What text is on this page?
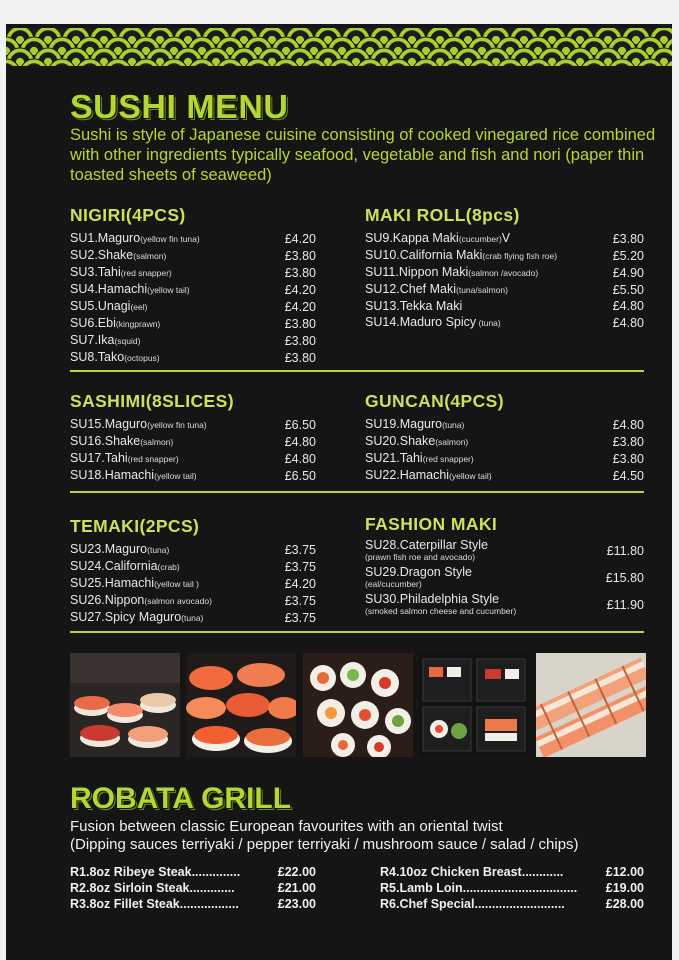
SUSHI MENU
Sushi is style of Japanese cuisine consisting of cooked vinegared rice combined with other ingredients typically seafood, vegetable and fish and nori (paper thin toasted sheets of seaweed)
NIGIRI(4PCS)
SU1.Maguro(yellow fin tuna)	£4.20
SU2.Shake(salmon)	£3.80
SU3.Tahi(red snapper)	£3.80
SU4.Hamachi(yellow tail)	£4.20
SU5.Unagi(eel)	£4.20
SU6.Ebi(kingprawn)	£3.80
SU7.Ika(squid)	£3.80
SU8.Tako(octopus)	£3.80
MAKI ROLL(8pcs)
SU9.Kappa Maki(cucumber)V	£3.80
SU10.California Maki(crab flying fish roe)	£5.20
SU11.Nippon Maki(salmon /avocado)	£4.90
SU12.Chef Maki(tuna/salmon)	£5.50
SU13.Tekka Maki	£4.80
SU14.Maduro Spicy (tuna)	£4.80
SASHIMI(8SLICES)
SU15.Maguro(yellow fin tuna)	£6.50
SU16.Shake(salmon)	£4.80
SU17.Tahi(red snapper)	£4.80
SU18.Hamachi(yellow tail)	£6.50
GUNCAN(4PCS)
SU19.Maguro(tuna)	£4.80
SU20.Shake(salmon)	£3.80
SU21.Tahi(red snapper)	£3.80
SU22.Hamachi(yellow tail)	£4.50
TEMAKI(2PCS)
SU23.Maguro(tuna)	£3.75
SU24.California(crab)	£3.75
SU25.Hamachi(yellow tail )	£4.20
SU26.Nippon(salmon avocado)	£3.75
SU27.Spicy Maguro(tuna)	£3.75
FASHION MAKI
SU28.Caterpillar Style
(prawn fish roe and avocado)	£11.80
SU29.Dragon Style
(eal/cucumber)	£15.80
SU30.Philadelphia Style
(smoked salmon cheese and cucumber)	£11.90
ROBATA GRILL
Fusion between classic European favourites with an oriental twist
(Dipping sauces terriyaki / pepper terriyaki / mushroom sauce / salad / chips)
R1.8oz Ribeye Steak..............	£22.00
R2.8oz Sirloin Steak.............	£21.00
R3.8oz Fillet Steak.................	£23.00
R4.10oz Chicken Breast............	£12.00
R5.Lamb Loin................................. £19.00
R6.Chef Special..........................	£28.00
